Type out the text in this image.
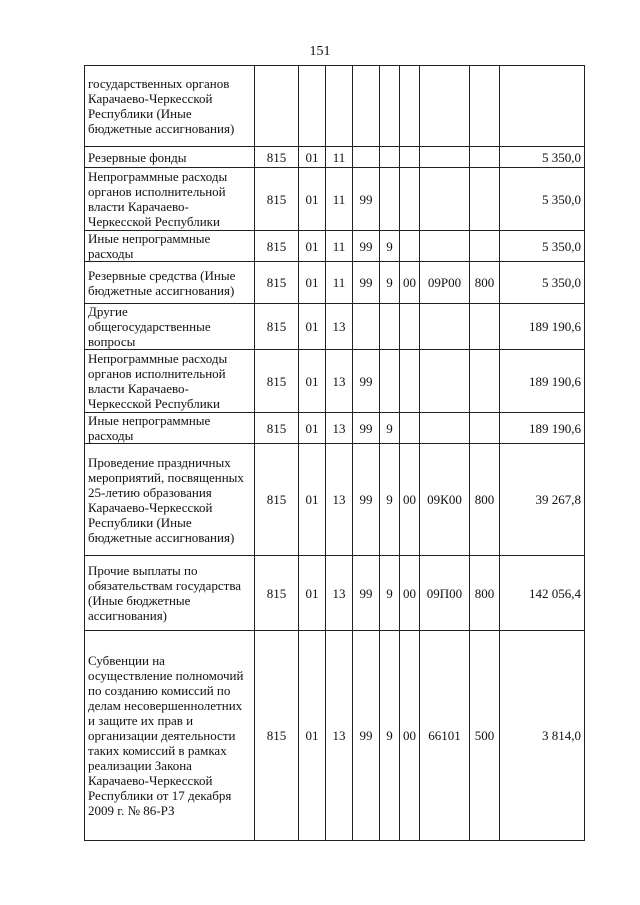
151
государственных органов Карачаево-Черкесской Республики (Иные бюджетные ассигнования)									
Резервные фонды	815	01	11						5 350,0
Непрограммные расходы органов исполнительной власти Карачаево-Черкесской Республики	815	01	11	99					5 350,0
Иные непрограммные расходы	815	01	11	99	9				5 350,0
Резервные средства (Иные бюджетные ассигнования)	815	01	11	99	9	00	09Р00	800	5 350,0
Другие общегосударственные вопросы	815	01	13						189 190,6
Непрограммные расходы органов исполнительной власти Карачаево-Черкесской Республики	815	01	13	99					189 190,6
Иные непрограммные расходы	815	01	13	99	9				189 190,6
Проведение праздничных мероприятий, посвященных 25-летию образования Карачаево-Черкесской Республики (Иные бюджетные ассигнования)	815	01	13	99	9	00	09К00	800	39 267,8
Прочие выплаты по обязательствам государства (Иные бюджетные ассигнования)	815	01	13	99	9	00	09П00	800	142 056,4
Субвенции на осуществление полномочий по созданию комиссий по делам несовершеннолетних и защите их прав и организации деятельности таких комиссий в рамках реализации Закона Карачаево-Черкесской Республики от 17 декабря 2009 г. № 86-РЗ	815	01	13	99	9	00	66101	500	3 814,0
